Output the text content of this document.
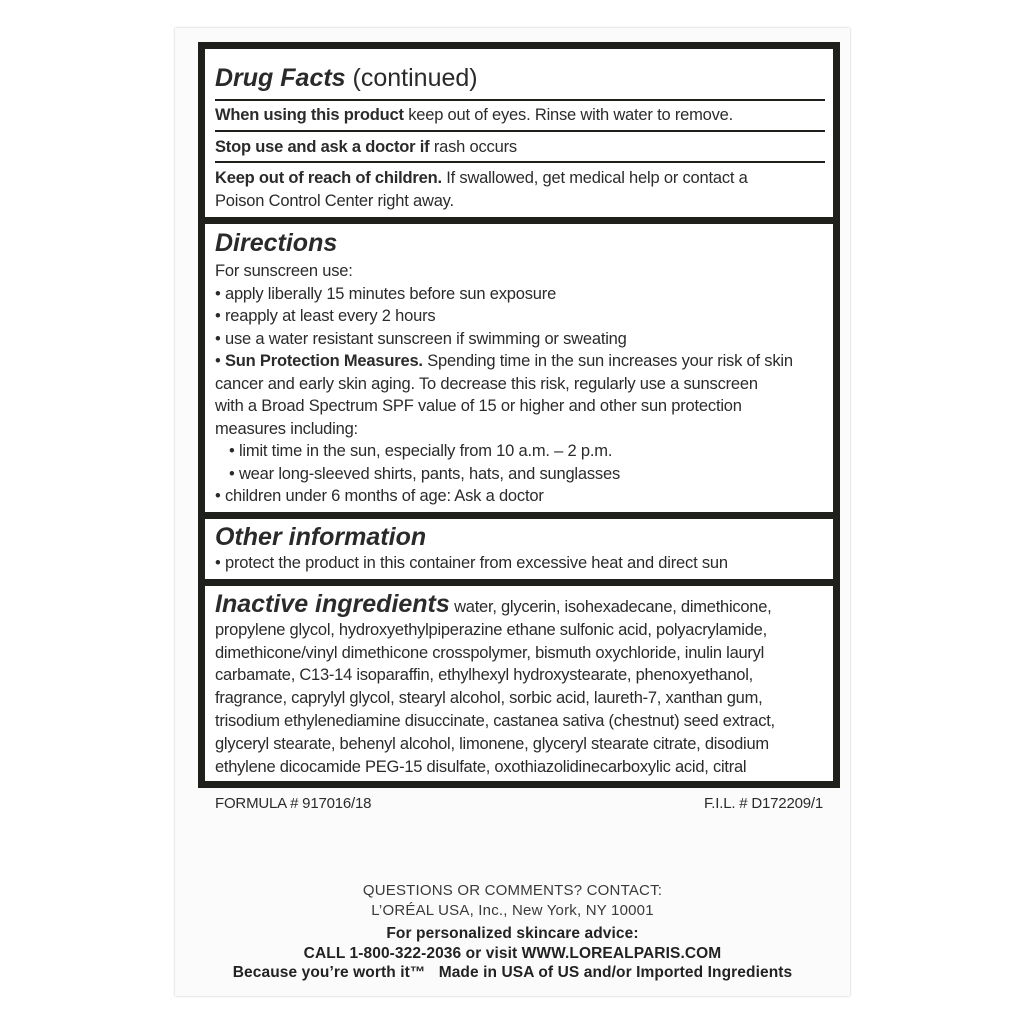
Drug Facts (continued)
When using this product keep out of eyes. Rinse with water to remove.
Stop use and ask a doctor if rash occurs
Keep out of reach of children. If swallowed, get medical help or contact a
Poison Control Center right away.
Directions
For sunscreen use:
• apply liberally 15 minutes before sun exposure
• reapply at least every 2 hours
• use a water resistant sunscreen if swimming or sweating
• Sun Protection Measures. Spending time in the sun increases your risk of skin
cancer and early skin aging. To decrease this risk, regularly use a sunscreen
with a Broad Spectrum SPF value of 15 or higher and other sun protection
measures including:
• limit time in the sun, especially from 10 a.m. – 2 p.m.
• wear long-sleeved shirts, pants, hats, and sunglasses
• children under 6 months of age: Ask a doctor
Other information
• protect the product in this container from excessive heat and direct sun
Inactive ingredients water, glycerin, isohexadecane, dimethicone,
propylene glycol, hydroxyethylpiperazine ethane sulfonic acid, polyacrylamide,
dimethicone/vinyl dimethicone crosspolymer, bismuth oxychloride, inulin lauryl
carbamate, C13-14 isoparaffin, ethylhexyl hydroxystearate, phenoxyethanol,
fragrance, caprylyl glycol, stearyl alcohol, sorbic acid, laureth-7, xanthan gum,
trisodium ethylenediamine disuccinate, castanea sativa (chestnut) seed extract,
glyceryl stearate, behenyl alcohol, limonene, glyceryl stearate citrate, disodium
ethylene dicocamide PEG-15 disulfate, oxothiazolidinecarboxylic acid, citral
FORMULA # 917016/18	F.I.L. # D172209/1
QUESTIONS OR COMMENTS? CONTACT:
L’ORÉAL USA, Inc., New York, NY 10001
For personalized skincare advice:
CALL 1-800-322-2036 or visit WWW.LOREALPARIS.COM
Because you’re worth it™   Made in USA of US and/or Imported Ingredients
